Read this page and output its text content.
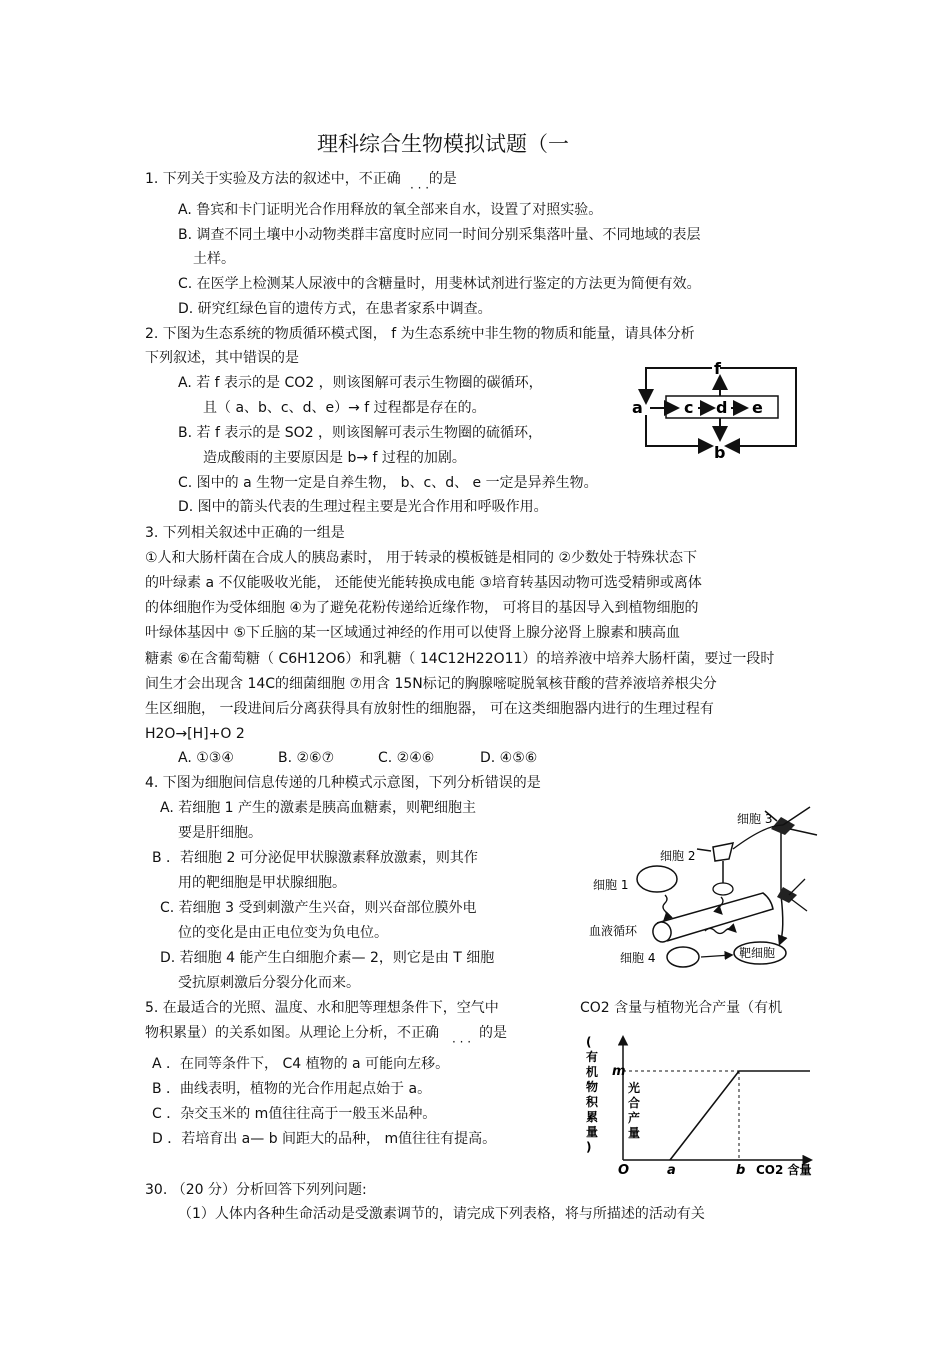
理科综合生物模拟试题（一
1. 下列关于实验及方法的叙述中，不正确 的是
· · ·
A. 鲁宾和卡门证明光合作用释放的氧全部来自水，设置了对照实验。
B. 调查不同土壤中小动物类群丰富度时应同一时间分别采集落叶量、不同地域的表层
土样。
C. 在医学上检测某人尿液中的含糖量时，用斐林试剂进行鉴定的方法更为简便有效。
D. 研究红绿色盲的遗传方式，在患者家系中调查。
2. 下图为生态系统的物质循环模式图， f 为生态系统中非生物的物质和能量，请具体分析
下列叙述，其中错误的是
A. 若 f 表示的是 CO2 ，则该图解可表示生物圈的碳循环，
且（ a、b、c、d、e）→ f 过程都是存在的。
B. 若 f 表示的是 SO2 ，则该图解可表示生物圈的硫循环，
造成酸雨的主要原因是 b→ f 过程的加剧。
C. 图中的 a 生物一定是自养生物， b、c、d、 e 一定是异养生物。
D. 图中的箭头代表的生理过程主要是光合作用和呼吸作用。
f
a	c d e
b
3. 下列相关叙述中正确的一组是
①人和大肠杆菌在合成人的胰岛素时， 用于转录的模板链是相同的 ②少数处于特殊状态下
的叶绿素 a 不仅能吸收光能， 还能使光能转换成电能 ③培育转基因动物可选受精卵或离体
的体细胞作为受体细胞 ④为了避免花粉传递给近缘作物， 可将目的基因导入到植物细胞的
叶绿体基因中 ⑤下丘脑的某一区域通过神经的作用可以使肾上腺分泌肾上腺素和胰高血
糖素 ⑥在含葡萄糖（ C6H12O6）和乳糖（ 14C12H22O11）的培养液中培养大肠杆菌，要过一段时
间生才会出现含 14C的细菌细胞 ⑦用含 15N标记的胸腺嘧啶脱氧核苷酸的营养液培养根尖分
生区细胞， 一段进间后分离获得具有放射性的细胞器， 可在这类细胞器内进行的生理过程有
H2O→[H]+O 2
A. ①③④	B. ②⑥⑦	C. ②④⑥	D. ④⑤⑥
4. 下图为细胞间信息传递的几种模式示意图，下列分析错误的是
A. 若细胞 1 产生的激素是胰高血糖素，则靶细胞主
要是肝细胞。
B ．若细胞 2 可分泌促甲状腺激素释放激素，则其作
用的靶细胞是甲状腺细胞。
C. 若细胞 3 受到刺激产生兴奋，则兴奋部位膜外电
位的变化是由正电位变为负电位。
D. 若细胞 4 能产生白细胞介素— 2，则它是由 T 细胞
受抗原刺激后分裂分化而来。
细胞 3
细胞 2
细胞 1
血液循环
靶细胞
细胞 4
5. 在最适合的光照、温度、水和肥等理想条件下，空气中	CO2 含量与植物光合产量（有机
物积累量）的关系如图。从理论上分析，不正确	的是
· · ·
A ．在同等条件下， C4 植物的 a 可能向左移。
B ．曲线表明，植物的光合作用起点始于 a。
C ．杂交玉米的 m值往往高于一般玉米品种。
D ．若培育出 a— b 间距大的品种， m值往往有提高。
O	a	b CO2 含量
m
(
有
机
物
积
累
量
)
光
合
产
量
30. （20 分）分析回答下列列问题:
（1）人体内各种生命活动是受激素调节的，请完成下列表格，将与所描述的活动有关
